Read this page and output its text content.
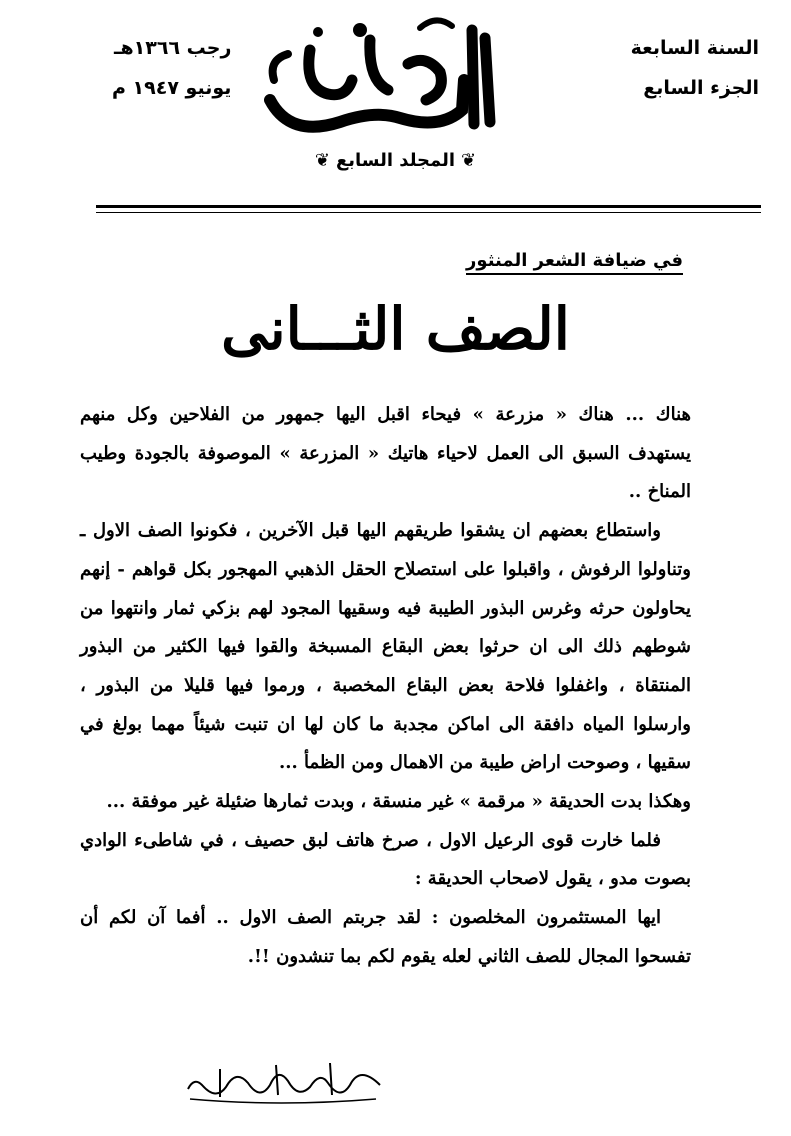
السنة السابعة
الجزء السابع
رجب ١٣٦٦هـ
يونيو ١٩٤٧ م
❦
المجلد السابع
❦
في ضيافة الشعر المنثور
الصف الثـــانى

هناك ... هناك « مزرعة » فيحاء اقبل اليها جمهور من الفلاحين وكل منهم يستهدف السبق الى العمل لاحياء هاتيك « المزرعة » الموصوفة بالجودة وطيب المناخ ..

واستطاع بعضهم ان يشقوا طريقهم اليها قبل الآخرين ، فكونوا الصف الاول ـ وتناولوا الرفوش ، واقبلوا على استصلاح الحقل الذهبي المهجور بكل قواهم - إنهم يحاولون حرثه وغرس البذور الطيبة فيه وسقيها المجود لهم بزكي ثمار وانتهوا من شوطهم ذلك الى ان حرثوا بعض البقاع المسبخة والقوا فيها الكثير من البذور المنتقاة ، واغفلوا فلاحة بعض البقاع المخصبة ، ورموا فيها قليلا من البذور ، وارسلوا المياه دافقة الى اماكن مجدبة ما كان لها ان تنبت شيئاً مهما بولغ في سقيها ، وصوحت اراض طيبة من الاهمال ومن الظمأ ...

وهكذا بدت الحديقة « مرقمة » غير منسقة ، وبدت ثمارها ضئيلة غير موفقة ...

فلما خارت قوى الرعيل الاول ، صرخ هاتف لبق حصيف ، في شاطىء الوادي بصوت مدو ، يقول لاصحاب الحديقة :

ايها المستثمرون المخلصون : لقد جربتم الصف الاول .. أفما آن لكم أن تفسحوا المجال للصف الثاني لعله يقوم لكم بما تنشدون !!.
